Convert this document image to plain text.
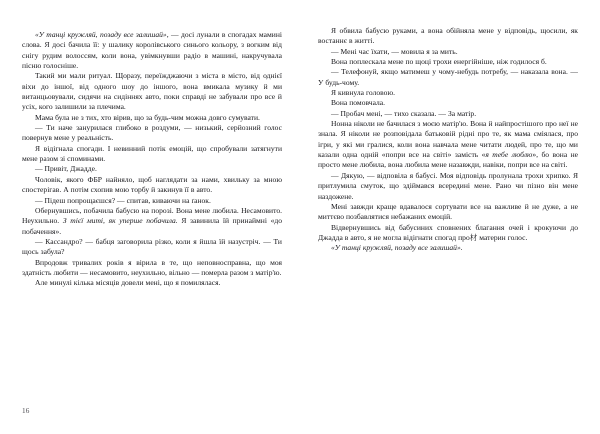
«У танці кружляй, позаду все залишай», — досі лунали в спогадах мамині слова. Я досі бачила її: у шалику королівського синього кольору, з вогким від снігу рудим волоссям, коли вона, увімкнувши радіо в машині, накручувала пісню голосніше.

Такий ми мали ритуал. Щоразу, переїжджаючи з міста в місто, від однієї віхи до іншої, від одного шоу до іншого, вона вмикала музику й ми витанцьовували, сидячи на сидіннях авто, поки справді не забували про все й усіх, кого залишили за плечима.

Мама була не з тих, хто вірив, що за будь-чим можна довго сумувати.

— Ти наче занурилася глибоко в роздуми, — низький, серйозний голос повернув мене у реальність.

Я відігнала спогади. І невинний потік емоцій, що спробували затягнути мене разом зі споминами.

— Привіт, Джадде.

Чоловік, якого ФБР найняло, щоб наглядати за нами, хвильку за мною спостерігав. А потім схопив мою торбу й закинув її в авто.

— Підеш попрощаєшся? — спитав, киваючи на ґанок.

Обернувшись, побачила бабусю на порозі. Вона мене любила. Несамовито. Неухильно. З тієї миті, як уперше побачила. Я завинила їй принаймні «до побачення».

— Кассандро? — бабця заговорила різко, коли я йшла їй назустріч. — Ти щось забула?

Впродовж тривалих років я вірила в те, що неповносправна, що моя здатність любити — несамовито, неухильно, вільно — померла разом з матір'ю.

Але минулі кілька місяців довели мені, що я помилялася.

16

Я обвила бабусю руками, а вона обійняла мене у відповідь, щосили, як востаннє в житті.

— Мені час їхати, — мовила я за мить.

Вона поплескала мене по щоці трохи енергійніше, ніж годилося б.

— Телефонуй, якщо матимеш у чому-небудь потребу, — наказала вона. — У будь-чому.

Я кивнула головою.

Вона помовчала.

— Пробач мені, — тихо сказала. — За матір.

Нонна ніколи не бачилася з моєю матір'ю. Вона й найпростішого про неї не знала. Я ніколи не розповідала батьковій рідні про те, як мама сміялася, про ігри, у які ми гралися, коли вона навчала мене читати людей, про те, що ми казали одна одній «попри все на світі» замість «я тебе люблю», бо вона не просто мене любила, вона любила мене назавжди, навіки, попри все на світі.

— Дякую, — відповіла я бабусі. Моя відповідь пролунала трохи хрипко. Я притлумила смуток, що здіймався всередині мене. Рано чи пізно він мене наздожене.

Мені завжди краще вдавалося сортувати все на важливе й не дуже, а не миттєво позбавлятися небажаних емоцій.

Відвернувшись від бабусиних сповнених благання очей і крокуючи до Джадда в авто, я не могла відігнати спогад про材 материн голос.

«У танці кружляй, позаду все залишай».
